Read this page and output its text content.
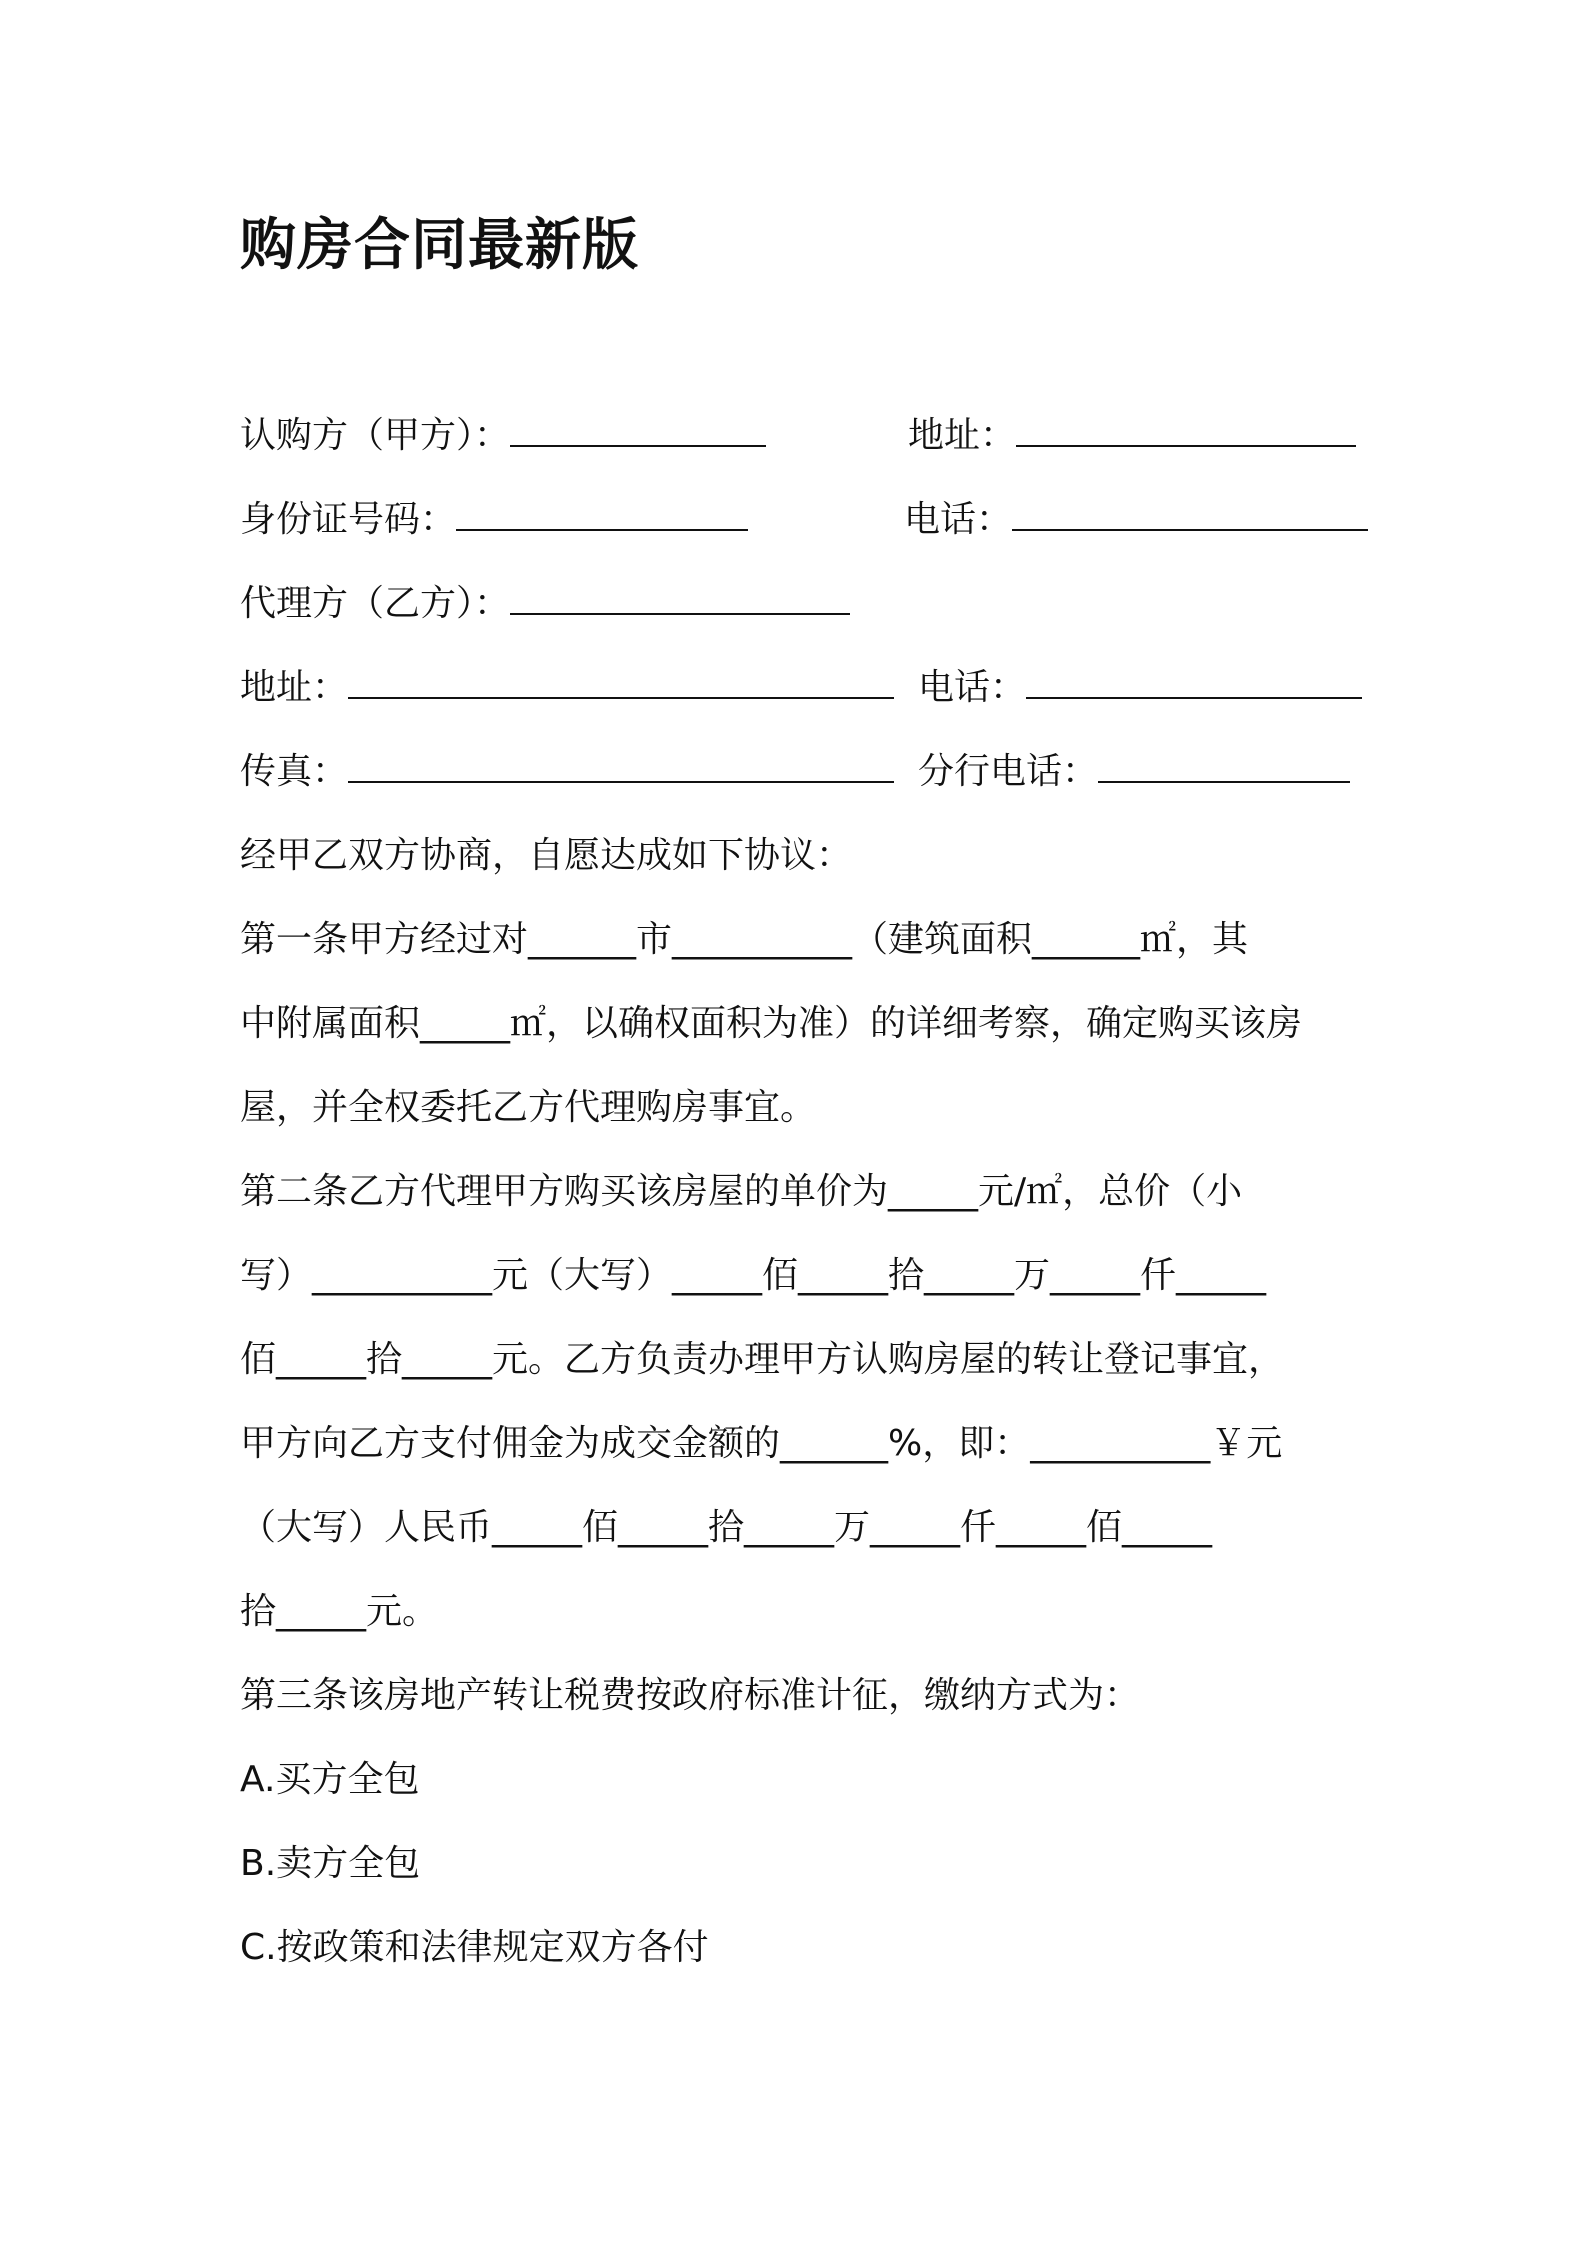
购房合同最新版
认购方（甲方）：	地址：
身份证号码：	电话：
代理方（乙方）：
地址：	电话：
传真：	分行电话：
经甲乙双方协商，自愿达成如下协议：
第一条甲方经过对______市__________（建筑面积______㎡，其
中附属面积_____㎡，以确权面积为准）的详细考察，确定购买该房
屋，并全权委托乙方代理购房事宜。
第二条乙方代理甲方购买该房屋的单价为_____元/㎡，总价（小
写）__________元（大写）_____佰_____拾_____万_____仟_____
佰_____拾_____元。乙方负责办理甲方认购房屋的转让登记事宜，
甲方向乙方支付佣金为成交金额的______%，即：__________￥元
（大写）人民币_____佰_____拾_____万_____仟_____佰_____
拾_____元。
第三条该房地产转让税费按政府标准计征，缴纳方式为：
A.买方全包
B.卖方全包
C.按政策和法律规定双方各付
